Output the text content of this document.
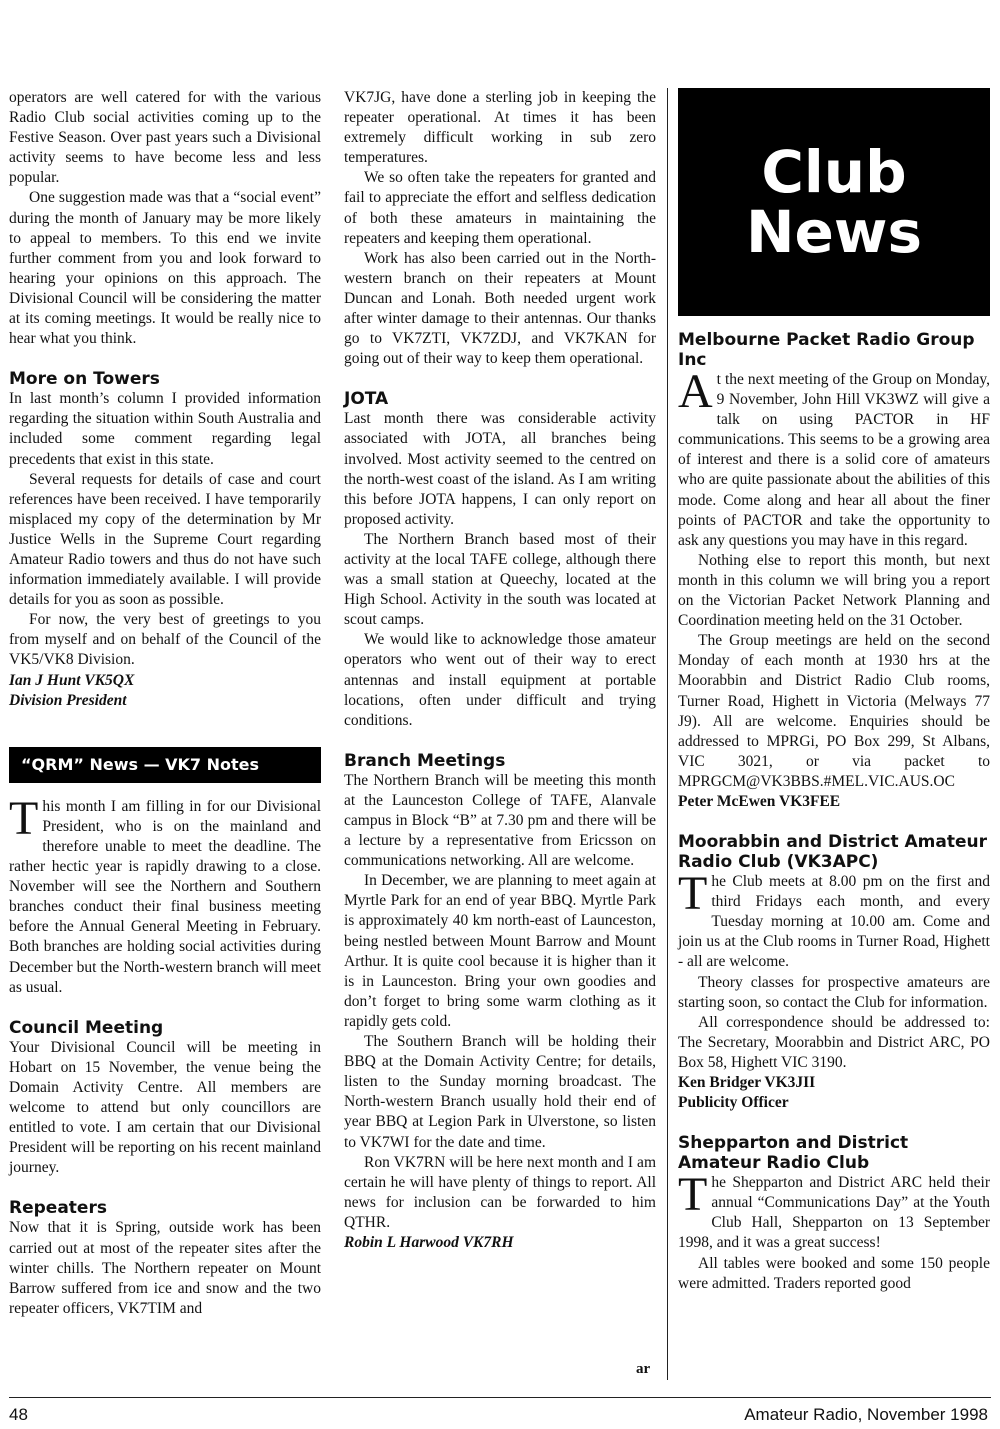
operators are well catered for with the various Radio Club social activities coming up to the Festive Season. Over past years such a Divisional activity seems to have become less and less popular.

One suggestion made was that a “social event” during the month of January may be more likely to appeal to members. To this end we invite further comment from you and look forward to hearing your opinions on this approach. The Divisional Council will be considering the matter at its coming meetings. It would be really nice to hear what you think.

More on Towers

In last month’s column I provided information regarding the situation within South Australia and included some comment regarding legal precedents that exist in this state.

Several requests for details of case and court references have been received. I have temporarily misplaced my copy of the determination by Mr Justice Wells in the Supreme Court regarding Amateur Radio towers and thus do not have such information immediately available. I will provide details for you as soon as possible.

For now, the very best of greetings to you from myself and on behalf of the Council of the VK5/VK8 Division.

Ian J Hunt VK5QX

Division President

“QRM” News — VK7 Notes

This month I am filling in for our Divisional President, who is on the mainland and therefore unable to meet the deadline. The rather hectic year is rapidly drawing to a close. November will see the Northern and Southern branches conduct their final business meeting before the Annual General Meeting in February. Both branches are holding social activities during December but the North-western branch will meet as usual.

Council Meeting

Your Divisional Council will be meeting in Hobart on 15 November, the venue being the Domain Activity Centre. All members are welcome to attend but only councillors are entitled to vote. I am certain that our Divisional President will be reporting on his recent mainland journey.

Repeaters

Now that it is Spring, outside work has been carried out at most of the repeater sites after the winter chills. The Northern repeater on Mount Barrow suffered from ice and snow and the two repeater officers, VK7TIM and

VK7JG, have done a sterling job in keeping the repeater operational. At times it has been extremely difficult working in sub zero temperatures.

We so often take the repeaters for granted and fail to appreciate the effort and selfless dedication of both these amateurs in maintaining the repeaters and keeping them operational.

Work has also been carried out in the North-western branch on their repeaters at Mount Duncan and Lonah. Both needed urgent work after winter damage to their antennas. Our thanks go to VK7ZTI, VK7ZDJ, and VK7KAN for going out of their way to keep them operational.

JOTA

Last month there was considerable activity associated with JOTA, all branches being involved. Most activity seemed to the centred on the north-west coast of the island. As I am writing this before JOTA happens, I can only report on proposed activity.

The Northern Branch based most of their activity at the local TAFE college, although there was a small station at Queechy, located at the High School. Activity in the south was located at scout camps.

We would like to acknowledge those amateur operators who went out of their way to erect antennas and install equipment at portable locations, often under difficult and trying conditions.

Branch Meetings

The Northern Branch will be meeting this month at the Launceston College of TAFE, Alanvale campus in Block “B” at 7.30 pm and there will be a lecture by a representative from Ericsson on communications networking. All are welcome.

In December, we are planning to meet again at Myrtle Park for an end of year BBQ. Myrtle Park is approximately 40 km north-east of Launceston, being nestled between Mount Barrow and Mount Arthur. It is quite cool because it is higher than it is in Launceston. Bring your own goodies and don’t forget to bring some warm clothing as it rapidly gets cold.

The Southern Branch will be holding their BBQ at the Domain Activity Centre; for details, listen to the Sunday morning broadcast. The North-western Branch usually hold their end of year BBQ at Legion Park in Ulverstone, so listen to VK7WI for the date and time.

Ron VK7RN will be here next month and I am certain he will have plenty of things to report. All news for inclusion can be forwarded to him QTHR.

Robin L Harwood VK7RH

ar
Club
News
Melbourne Packet Radio Group Inc

At the next meeting of the Group on Monday, 9 November, John Hill VK3WZ will give a talk on using PACTOR in HF communications. This seems to be a growing area of interest and there is a solid core of amateurs who are quite passionate about the abilities of this mode. Come along and hear all about the finer points of PACTOR and take the opportunity to ask any questions you may have in this regard.

Nothing else to report this month, but next month in this column we will bring you a report on the Victorian Packet Network Planning and Coordination meeting held on the 31 October.

The Group meetings are held on the second Monday of each month at 1930 hrs at the Moorabbin and District Radio Club rooms, Turner Road, Highett in Victoria (Melways 77 J9). All are welcome. Enquiries should be addressed to MPRGi, PO Box 299, St Albans, VIC 3021, or via packet to MPRGCM@VK3BBS.#MEL.VIC.AUS.OC

Peter McEwen VK3FEE

Moorabbin and District Amateur Radio Club (VK3APC)

The Club meets at 8.00 pm on the first and third Fridays each month, and every Tuesday morning at 10.00 am. Come and join us at the Club rooms in Turner Road, Highett - all are welcome.

Theory classes for prospective amateurs are starting soon, so contact the Club for information.

All correspondence should be addressed to: The Secretary, Moorabbin and District ARC, PO Box 58, Highett VIC 3190.

Ken Bridger VK3JII

Publicity Officer

Shepparton and District Amateur Radio Club

The Shepparton and District ARC held their annual “Communications Day” at the Youth Club Hall, Shepparton on 13 September 1998, and it was a great success!

All tables were booked and some 150 people were admitted. Traders reported good

48	Amateur Radio, November 1998
